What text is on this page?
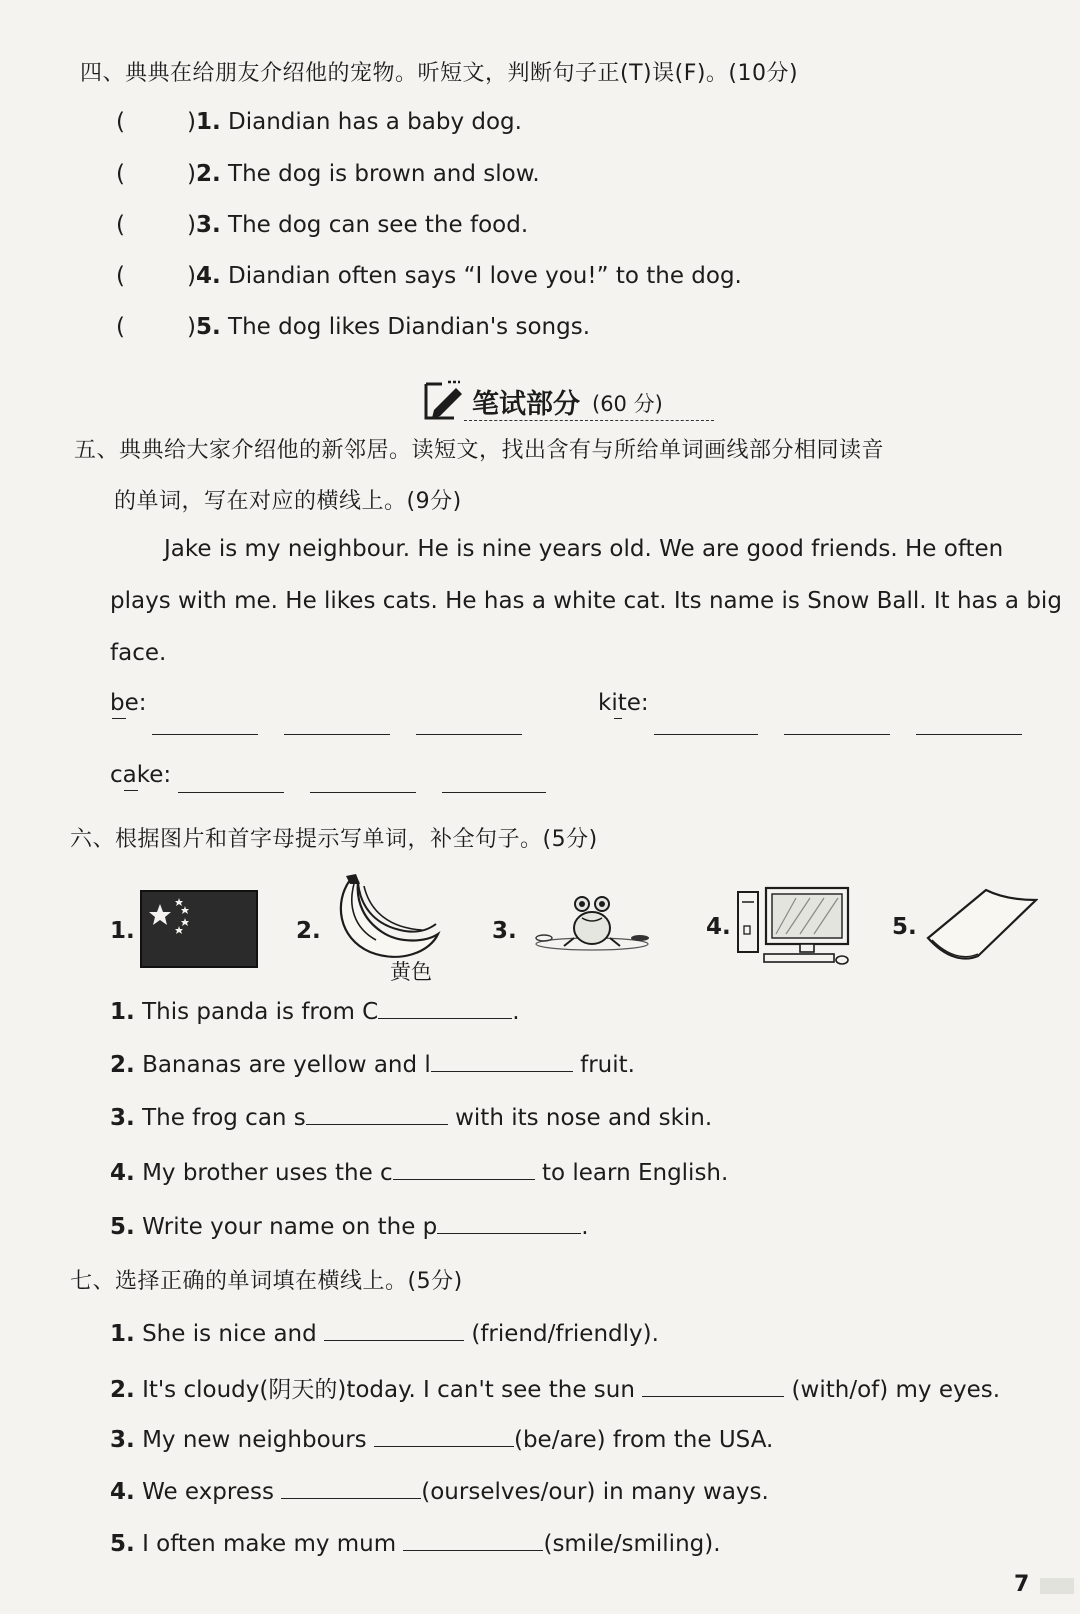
四、典典在给朋友介绍他的宠物。听短文，判断句子正(T)误(F)。(10分)
(	)1. Diandian has a baby dog.
(	)2. The dog is brown and slow.
(	)3. The dog can see the food.
(	)4. Diandian often says “I love you!” to the dog.
(	)5. The dog likes Diandian's songs.
笔试部分 (60 分)
五、典典给大家介绍他的新邻居。读短文，找出含有与所给单词画线部分相同读音
的单词，写在对应的横线上。(9分)
Jake is my neighbour. He is nine years old. We are good friends. He often
plays with me. He likes cats. He has a white cat. Its name is Snow Ball. It has a big
face.
be:	kite:
cake:
六、根据图片和首字母提示写单词，补全句子。(5分)
1.	2.
黄色
3.	4.	5.
1. This panda is from C	.
2. Bananas are yellow and l	fruit.
3. The frog can s	with its nose and skin.
4. My brother uses the c	to learn English.
5. Write your name on the p	.
七、选择正确的单词填在横线上。(5分)
1. She is nice and	(friend/friendly).
2. It's cloudy(阴天的)today. I can't see the sun	(with/of) my eyes.
3. My new neighbours	(be/are) from the USA.
4. We express	(ourselves/our) in many ways.
5. I often make my mum	(smile/smiling).
7
